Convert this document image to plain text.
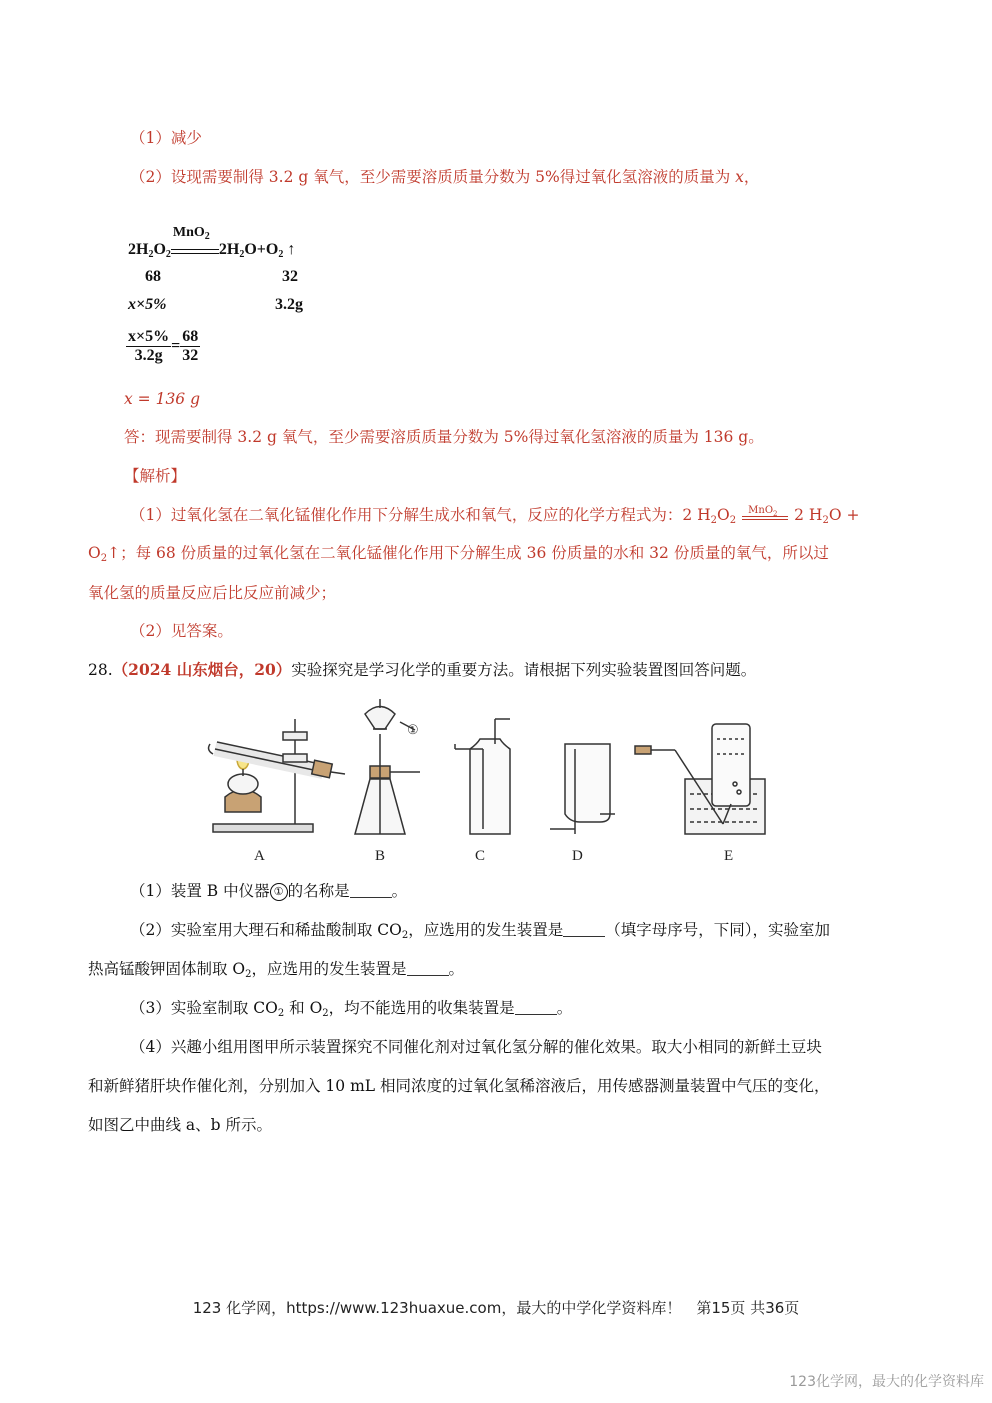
（1）减少
（2）设现需要制得 3.2 g 氧气，至少需要溶质质量分数为 5%得过氧化氢溶液的质量为 x，
$2H_2O_2$
MnO$_2$
$2H_2O+O_2$ ↑
68	32
x×5%	3.2g
$\frac{x\times 5\%}{3.2g} = \frac{68}{32}$
x = 136 g
答：现需要制得 3.2 g 氧气，至少需要溶质质量分数为 5%得过氧化氢溶液的质量为 136 g。
【解析】
（1）过氧化氢在二氧化锰催化作用下分解生成水和氧气，反应的化学方程式为：2 $H_2O_2$
MnO$_2$ 2 $H_2O$ +
$O_2↑$；每 68 份质量的过氧化氢在二氧化锰催化作用下分解生成 36 份质量的水和 32 份质量的氧气，所以过
氧化氢的质量反应后比反应前减少；
（2）见答案。
28.（2024 山东烟台，20）实验探究是学习化学的重要方法。请根据下列实验装置图回答问题。
①
A	B	C	D	E
（1）装置 B 中仪器 ① 的名称是	。
（2）实验室用大理石和稀盐酸制取 $CO_2$，应选用的发生装置是	（填字母序号，下同），实验室加
热高锰酸钾固体制取 $O_2$，应选用的发生装置是	。
（3）实验室制取 $CO_2$ 和 $O_2$，均不能选用的收集装置是	。
（4）兴趣小组用图甲所示装置探究不同催化剂对过氧化氢分解的催化效果。取大小相同的新鲜土豆块
和新鲜猪肝块作催化剂，分别加入 10 mL 相同浓度的过氧化氢稀溶液后，用传感器测量装置中气压的变化，
如图乙中曲线 a、b 所示。
123 化学网，https://www.123huaxue.com，最大的中学化学资料库！　第15页 共36页
123化学网，最大的化学资料库
